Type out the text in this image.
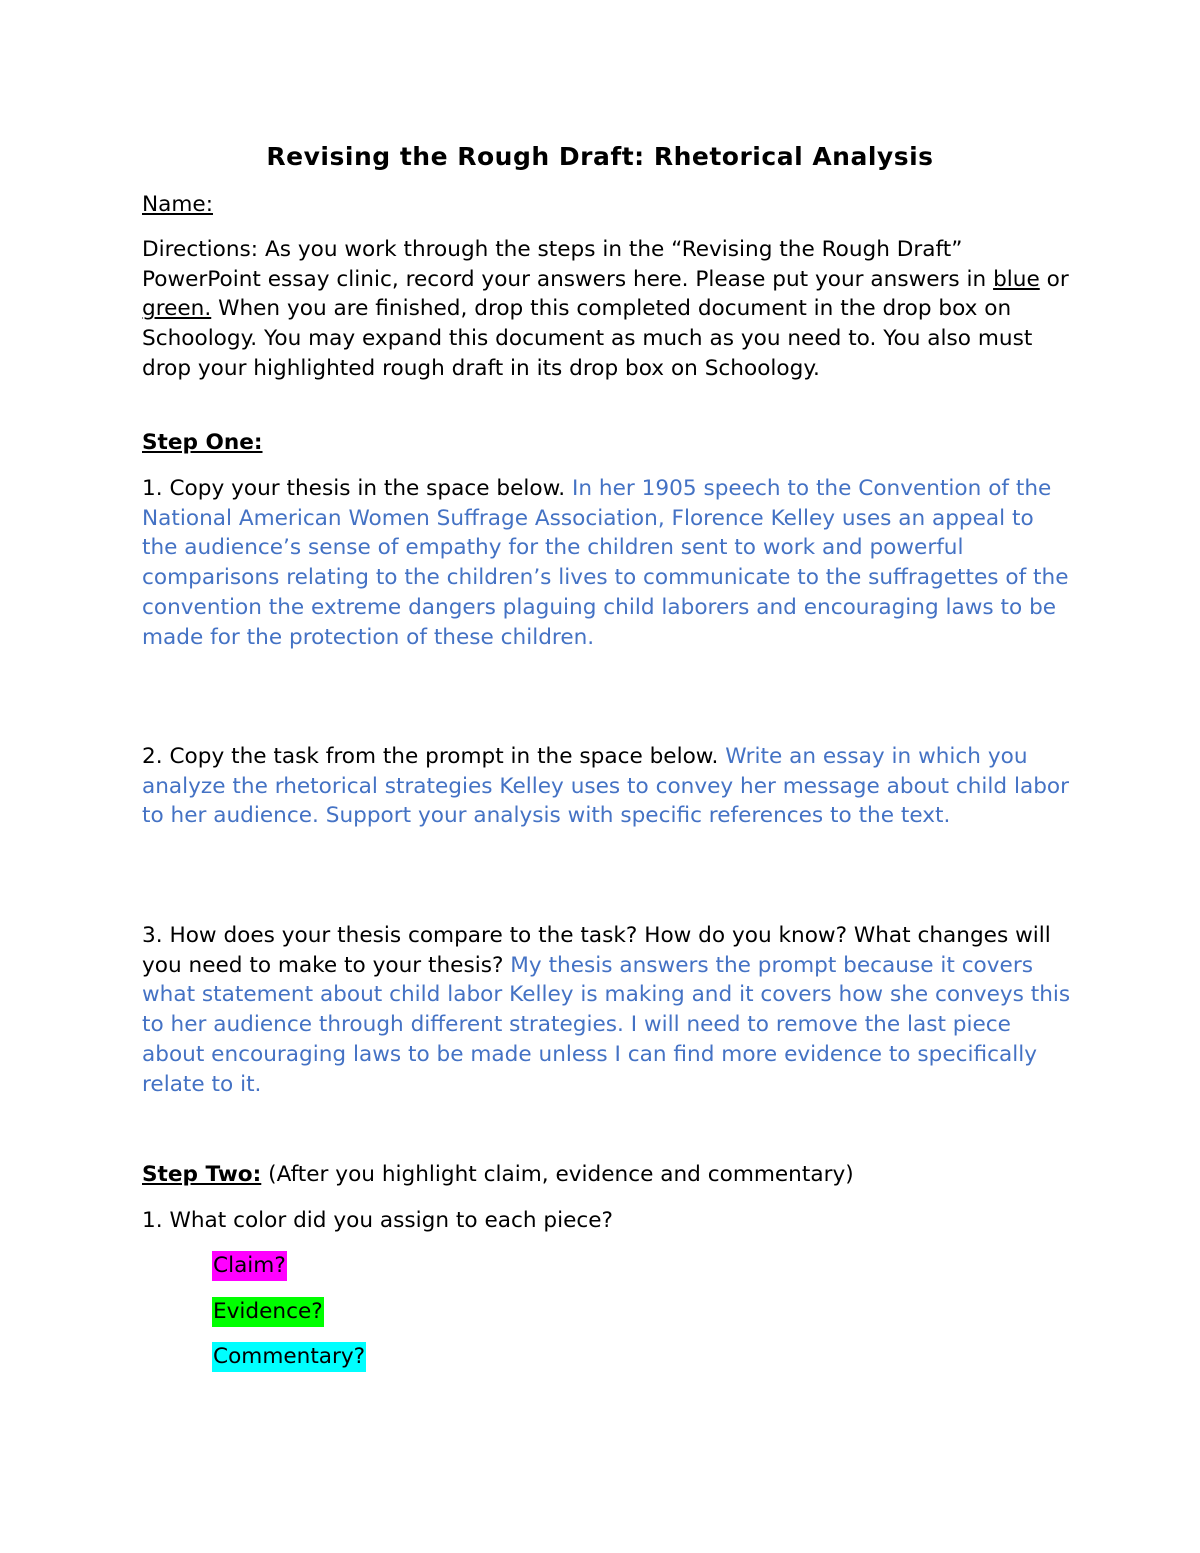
Revising the Rough Draft: Rhetorical Analysis

Name:

Directions: As you work through the steps in the “Revising the Rough Draft” PowerPoint essay clinic, record your answers here. Please put your answers in blue or green. When you are finished, drop this completed document in the drop box on Schoology. You may expand this document as much as you need to. You also must drop your highlighted rough draft in its drop box on Schoology.

Step One:

1. Copy your thesis in the space below. In her 1905 speech to the Convention of the National American Women Suffrage Association, Florence Kelley uses an appeal to the audience’s sense of empathy for the children sent to work and powerful comparisons relating to the children’s lives to communicate to the suffragettes of the convention the extreme dangers plaguing child laborers and encouraging laws to be made for the protection of these children.

2. Copy the task from the prompt in the space below. Write an essay in which you analyze the rhetorical strategies Kelley uses to convey her message about child labor to her audience. Support your analysis with specific references to the text.

3. How does your thesis compare to the task? How do you know? What changes will you need to make to your thesis? My thesis answers the prompt because it covers what statement about child labor Kelley is making and it covers how she conveys this to her audience through different strategies. I will need to remove the last piece about encouraging laws to be made unless I can find more evidence to specifically relate to it.

Step Two: (After you highlight claim, evidence and commentary)

1. What color did you assign to each piece?

Claim?
Evidence?
Commentary?
